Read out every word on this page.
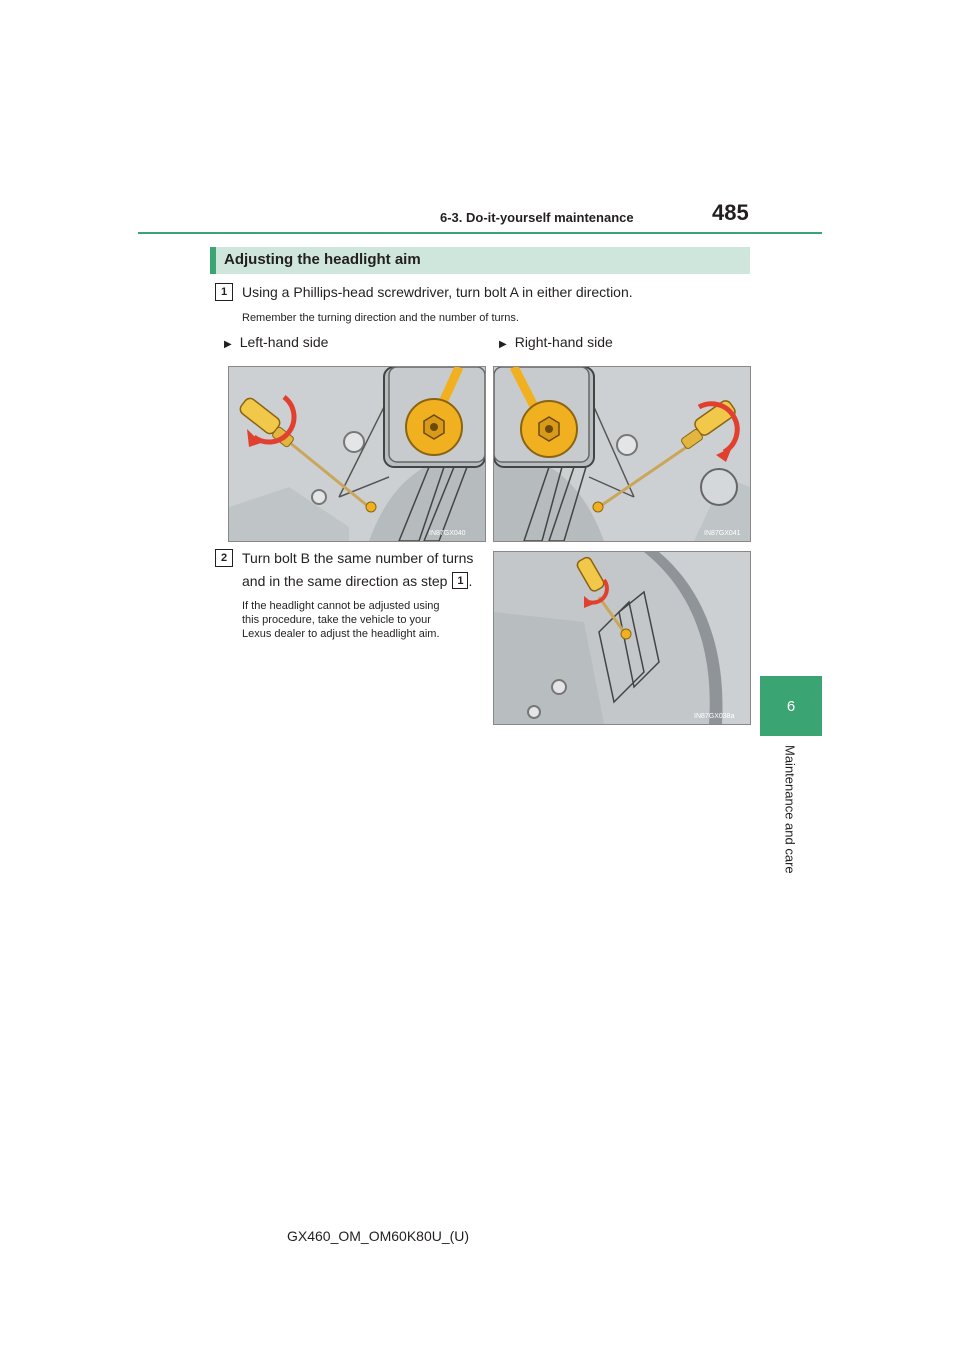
6-3. Do-it-yourself maintenance	485
6
Maintenance and care
Adjusting the headlight aim
1	Using a Phillips-head screwdriver, turn bolt A in either direction.
Remember the turning direction and the number of turns.
▶ Left-hand side	▶ Right-hand side
IN87GX040	IN87GX041
2	Turn bolt B the same number of turns
and in the same direction as step 1 .
If the headlight cannot be adjusted using
this procedure, take the vehicle to your
Lexus dealer to adjust the headlight aim.
IN87GX038a
GX460_OM_OM60K80U_(U)
